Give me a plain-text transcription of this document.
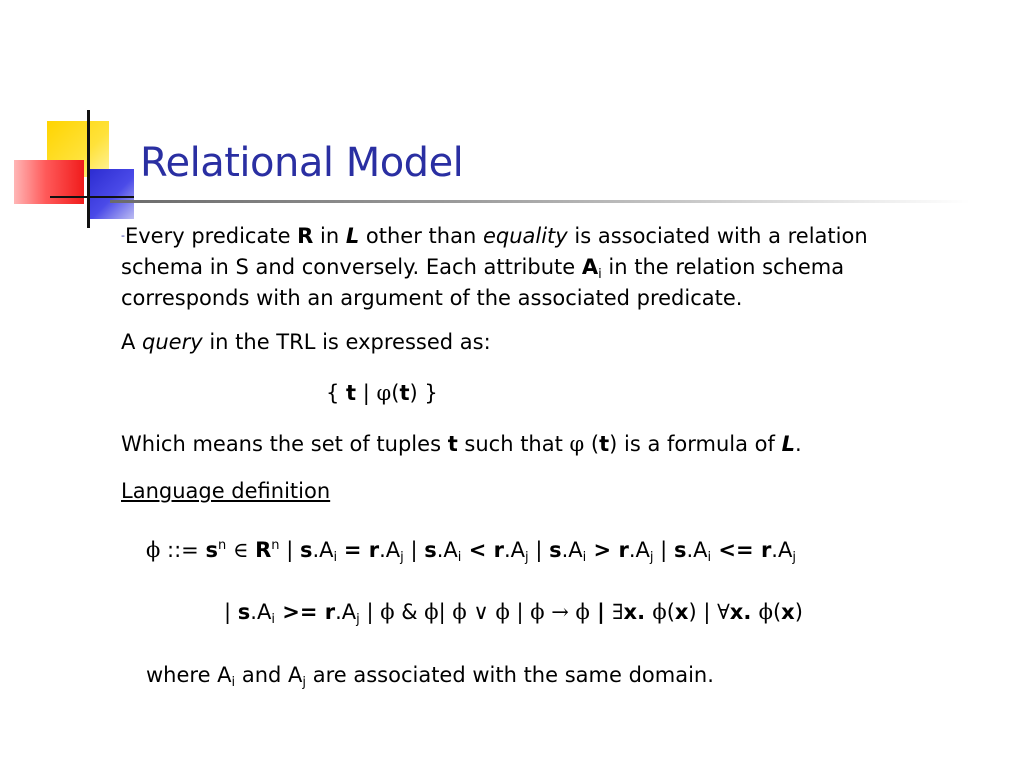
Relational Model
-Every predicate R in L other than equality is associated with a relation schema in S and conversely. Each attribute $A_i$ in the relation schema corresponds with an argument of the associated predicate.
A query in the TRL is expressed as:
{ t | φ(t) }
Which means the set of tuples t such that φ (t) is a formula of L.
Language definition
ϕ ::= $s^n$ ∈ $R^n$ | $s.A_i = r.A_j$ | $s.A_i < r.A_j$ | $s.A_i > r.A_j$ | $s.A_i <= r.A_j$
| $s.A_i >= r.A_j$ | ϕ & ϕ| ϕ ∨ ϕ | ϕ → ϕ | ∃x. ϕ(x) | ∀x. ϕ(x)
where $A_i$ and $A_j$ are associated with the same domain.
